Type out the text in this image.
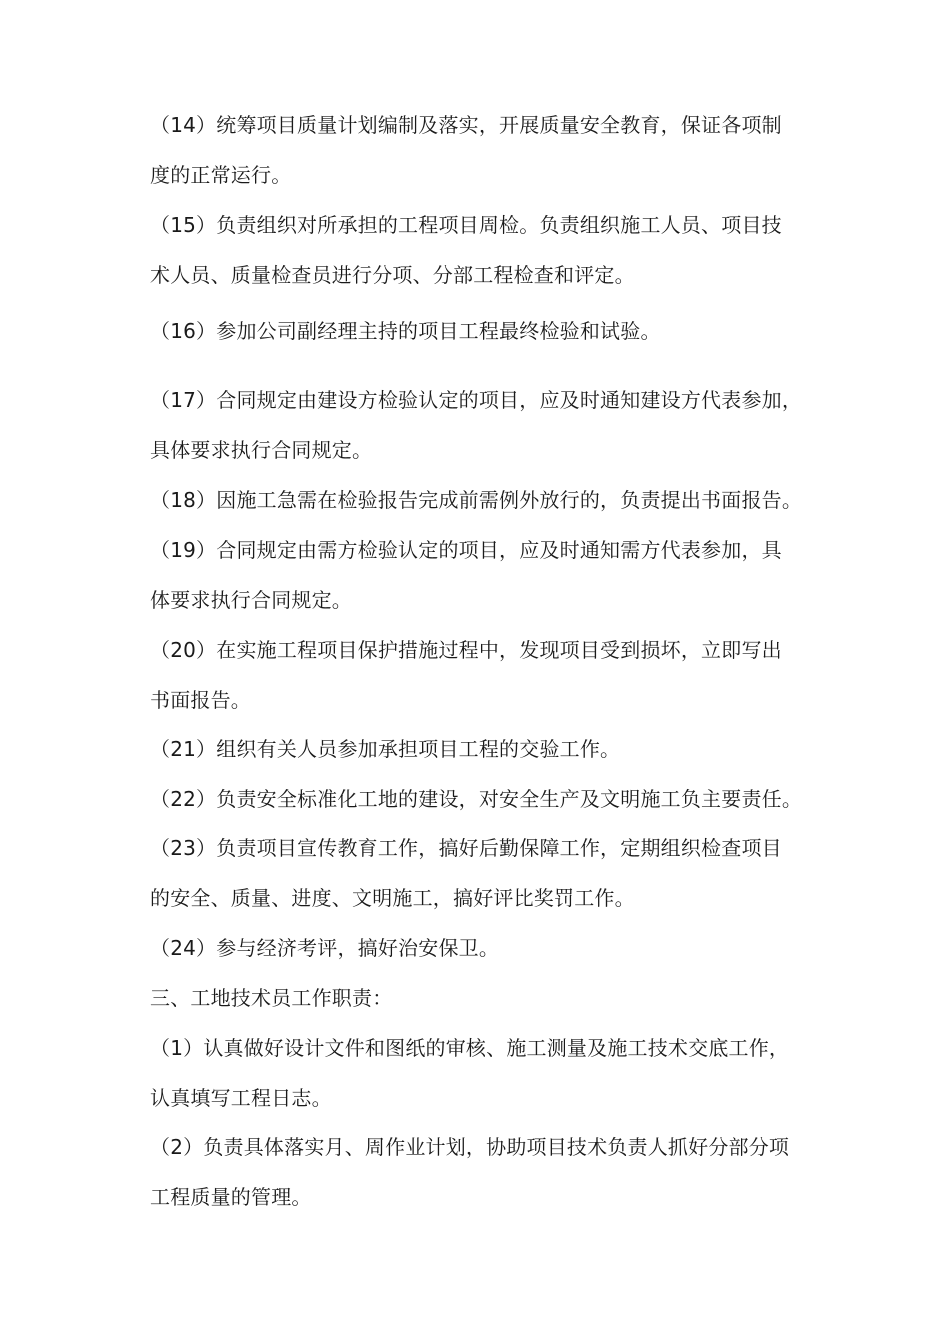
（14）统筹项目质量计划编制及落实，开展质量安全教育，保证各项制
度的正常运行。
（15）负责组织对所承担的工程项目周检。负责组织施工人员、项目技
术人员、质量检查员进行分项、分部工程检查和评定。
（16）参加公司副经理主持的项目工程最终检验和试验。
（17）合同规定由建设方检验认定的项目，应及时通知建设方代表参加，
具体要求执行合同规定。
（18）因施工急需在检验报告完成前需例外放行的，负责提出书面报告。
（19）合同规定由需方检验认定的项目，应及时通知需方代表参加，具
体要求执行合同规定。
（20）在实施工程项目保护措施过程中，发现项目受到损坏，立即写出
书面报告。
（21）组织有关人员参加承担项目工程的交验工作。
（22）负责安全标准化工地的建设，对安全生产及文明施工负主要责任。
（23）负责项目宣传教育工作，搞好后勤保障工作，定期组织检查项目
的安全、质量、进度、文明施工，搞好评比奖罚工作。
（24）参与经济考评，搞好治安保卫。
三、工地技术员工作职责：
（1）认真做好设计文件和图纸的审核、施工测量及施工技术交底工作，
认真填写工程日志。
（2）负责具体落实月、周作业计划，协助项目技术负责人抓好分部分项
工程质量的管理。
